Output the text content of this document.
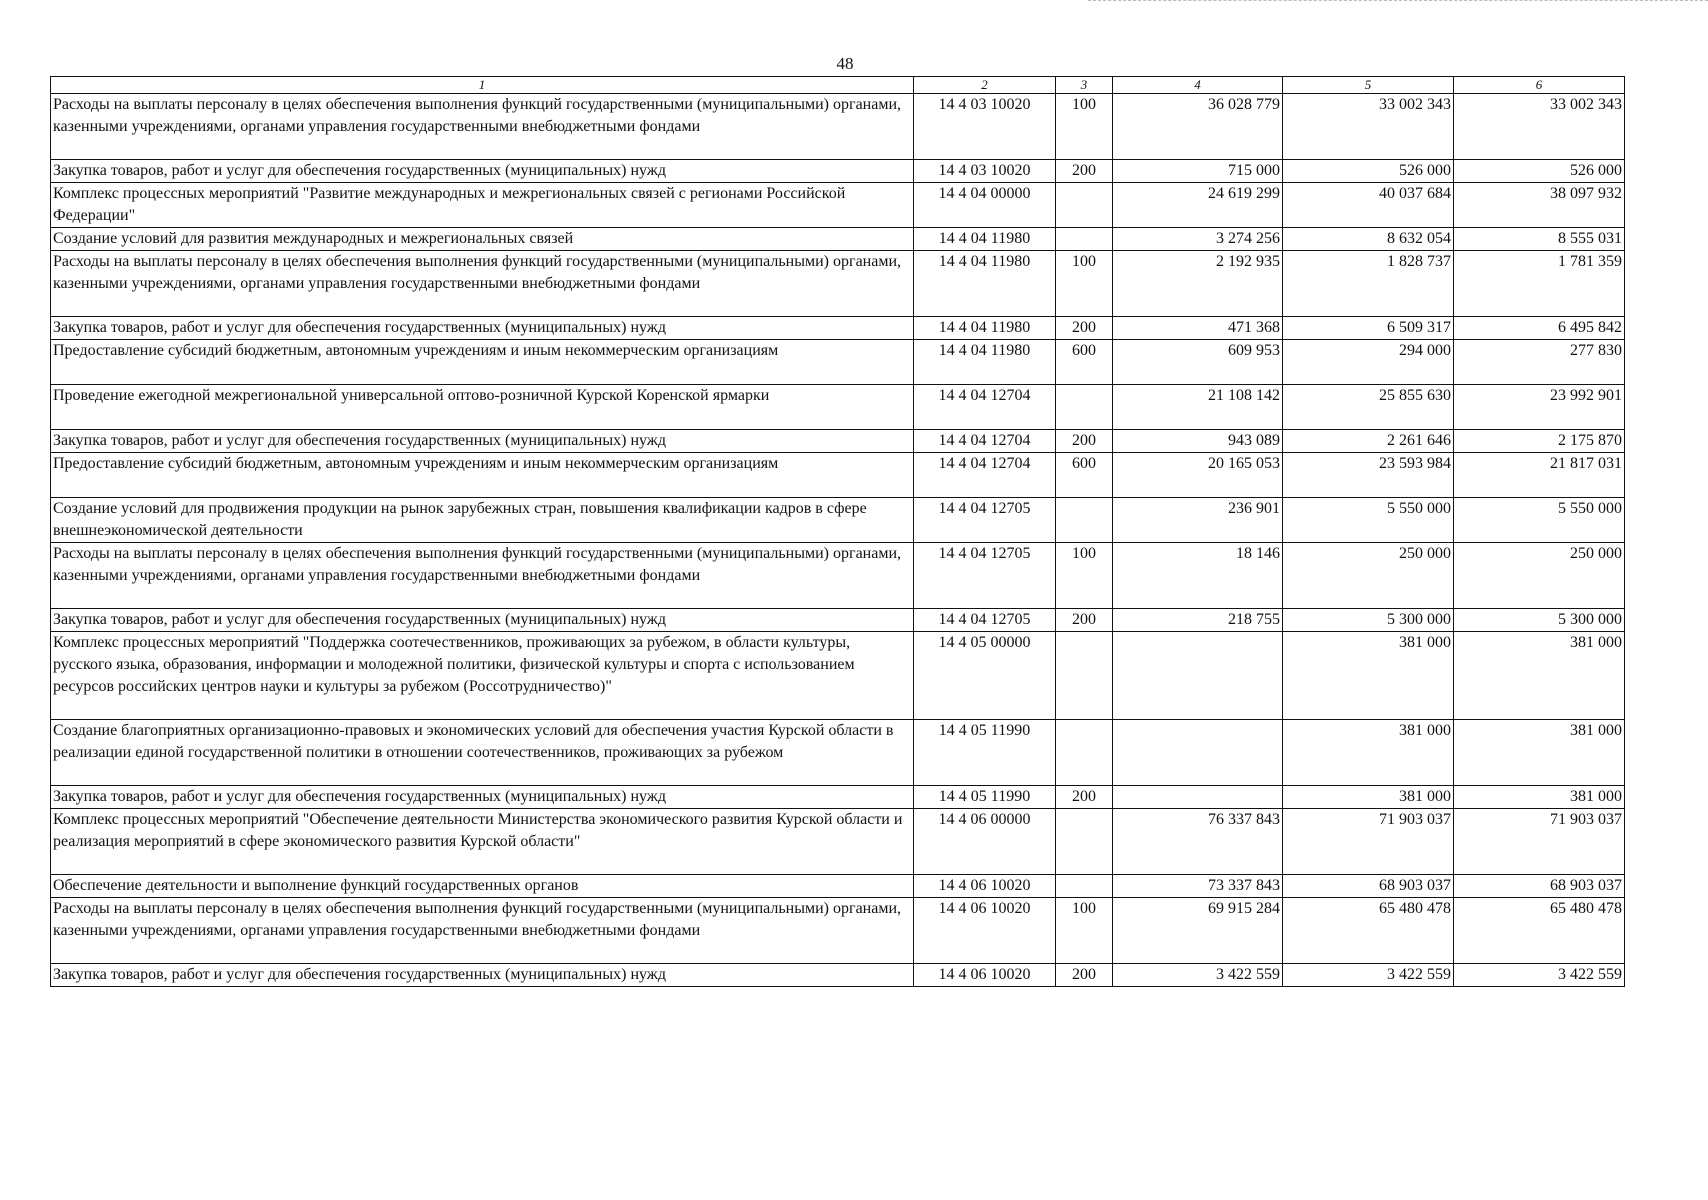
48
1	2	3	4	5	6
Расходы на выплаты персоналу в целях обеспечения выполнения функций государственными (муниципальными) органами, казенными учреждениями, органами управления государственными внебюджетными фондами	14 4 03 10020	100	36 028 779	33 002 343	33 002 343
Закупка товаров, работ и услуг для обеспечения государственных (муниципальных) нужд	14 4 03 10020	200	715 000	526 000	526 000
Комплекс процессных мероприятий "Развитие международных и межрегиональных связей с регионами Российской Федерации"	14 4 04 00000		24 619 299	40 037 684	38 097 932
Создание условий для развития международных и межрегиональных связей	14 4 04 11980		3 274 256	8 632 054	8 555 031
Расходы на выплаты персоналу в целях обеспечения выполнения функций государственными (муниципальными) органами, казенными учреждениями, органами управления государственными внебюджетными фондами	14 4 04 11980	100	2 192 935	1 828 737	1 781 359
Закупка товаров, работ и услуг для обеспечения государственных (муниципальных) нужд	14 4 04 11980	200	471 368	6 509 317	6 495 842
Предоставление субсидий бюджетным, автономным учреждениям и иным некоммерческим организациям	14 4 04 11980	600	609 953	294 000	277 830
Проведение ежегодной межрегиональной универсальной оптово-розничной Курской Коренской ярмарки	14 4 04 12704		21 108 142	25 855 630	23 992 901
Закупка товаров, работ и услуг для обеспечения государственных (муниципальных) нужд	14 4 04 12704	200	943 089	2 261 646	2 175 870
Предоставление субсидий бюджетным, автономным учреждениям и иным некоммерческим организациям	14 4 04 12704	600	20 165 053	23 593 984	21 817 031
Создание условий для продвижения продукции на рынок зарубежных стран, повышения квалификации кадров в сфере внешнеэкономической деятельности	14 4 04 12705		236 901	5 550 000	5 550 000
Расходы на выплаты персоналу в целях обеспечения выполнения функций государственными (муниципальными) органами, казенными учреждениями, органами управления государственными внебюджетными фондами	14 4 04 12705	100	18 146	250 000	250 000
Закупка товаров, работ и услуг для обеспечения государственных (муниципальных) нужд	14 4 04 12705	200	218 755	5 300 000	5 300 000
Комплекс процессных мероприятий "Поддержка соотечественников, проживающих за рубежом, в области культуры, русского языка, образования, информации и молодежной политики, физической культуры и спорта с использованием ресурсов российских центров науки и культуры за рубежом (Россотрудничество)"	14 4 05 00000			381 000	381 000
Создание благоприятных организационно-правовых и экономических условий для обеспечения участия Курской области в реализации единой государственной политики в отношении соотечественников, проживающих за рубежом	14 4 05 11990			381 000	381 000
Закупка товаров, работ и услуг для обеспечения государственных (муниципальных) нужд	14 4 05 11990	200		381 000	381 000
Комплекс процессных мероприятий "Обеспечение деятельности Министерства экономического развития Курской области и реализация мероприятий в сфере экономического развития Курской области"	14 4 06 00000		76 337 843	71 903 037	71 903 037
Обеспечение деятельности и выполнение функций государственных органов	14 4 06 10020		73 337 843	68 903 037	68 903 037
Расходы на выплаты персоналу в целях обеспечения выполнения функций государственными (муниципальными) органами, казенными учреждениями, органами управления государственными внебюджетными фондами	14 4 06 10020	100	69 915 284	65 480 478	65 480 478
Закупка товаров, работ и услуг для обеспечения государственных (муниципальных) нужд	14 4 06 10020	200	3 422 559	3 422 559	3 422 559
